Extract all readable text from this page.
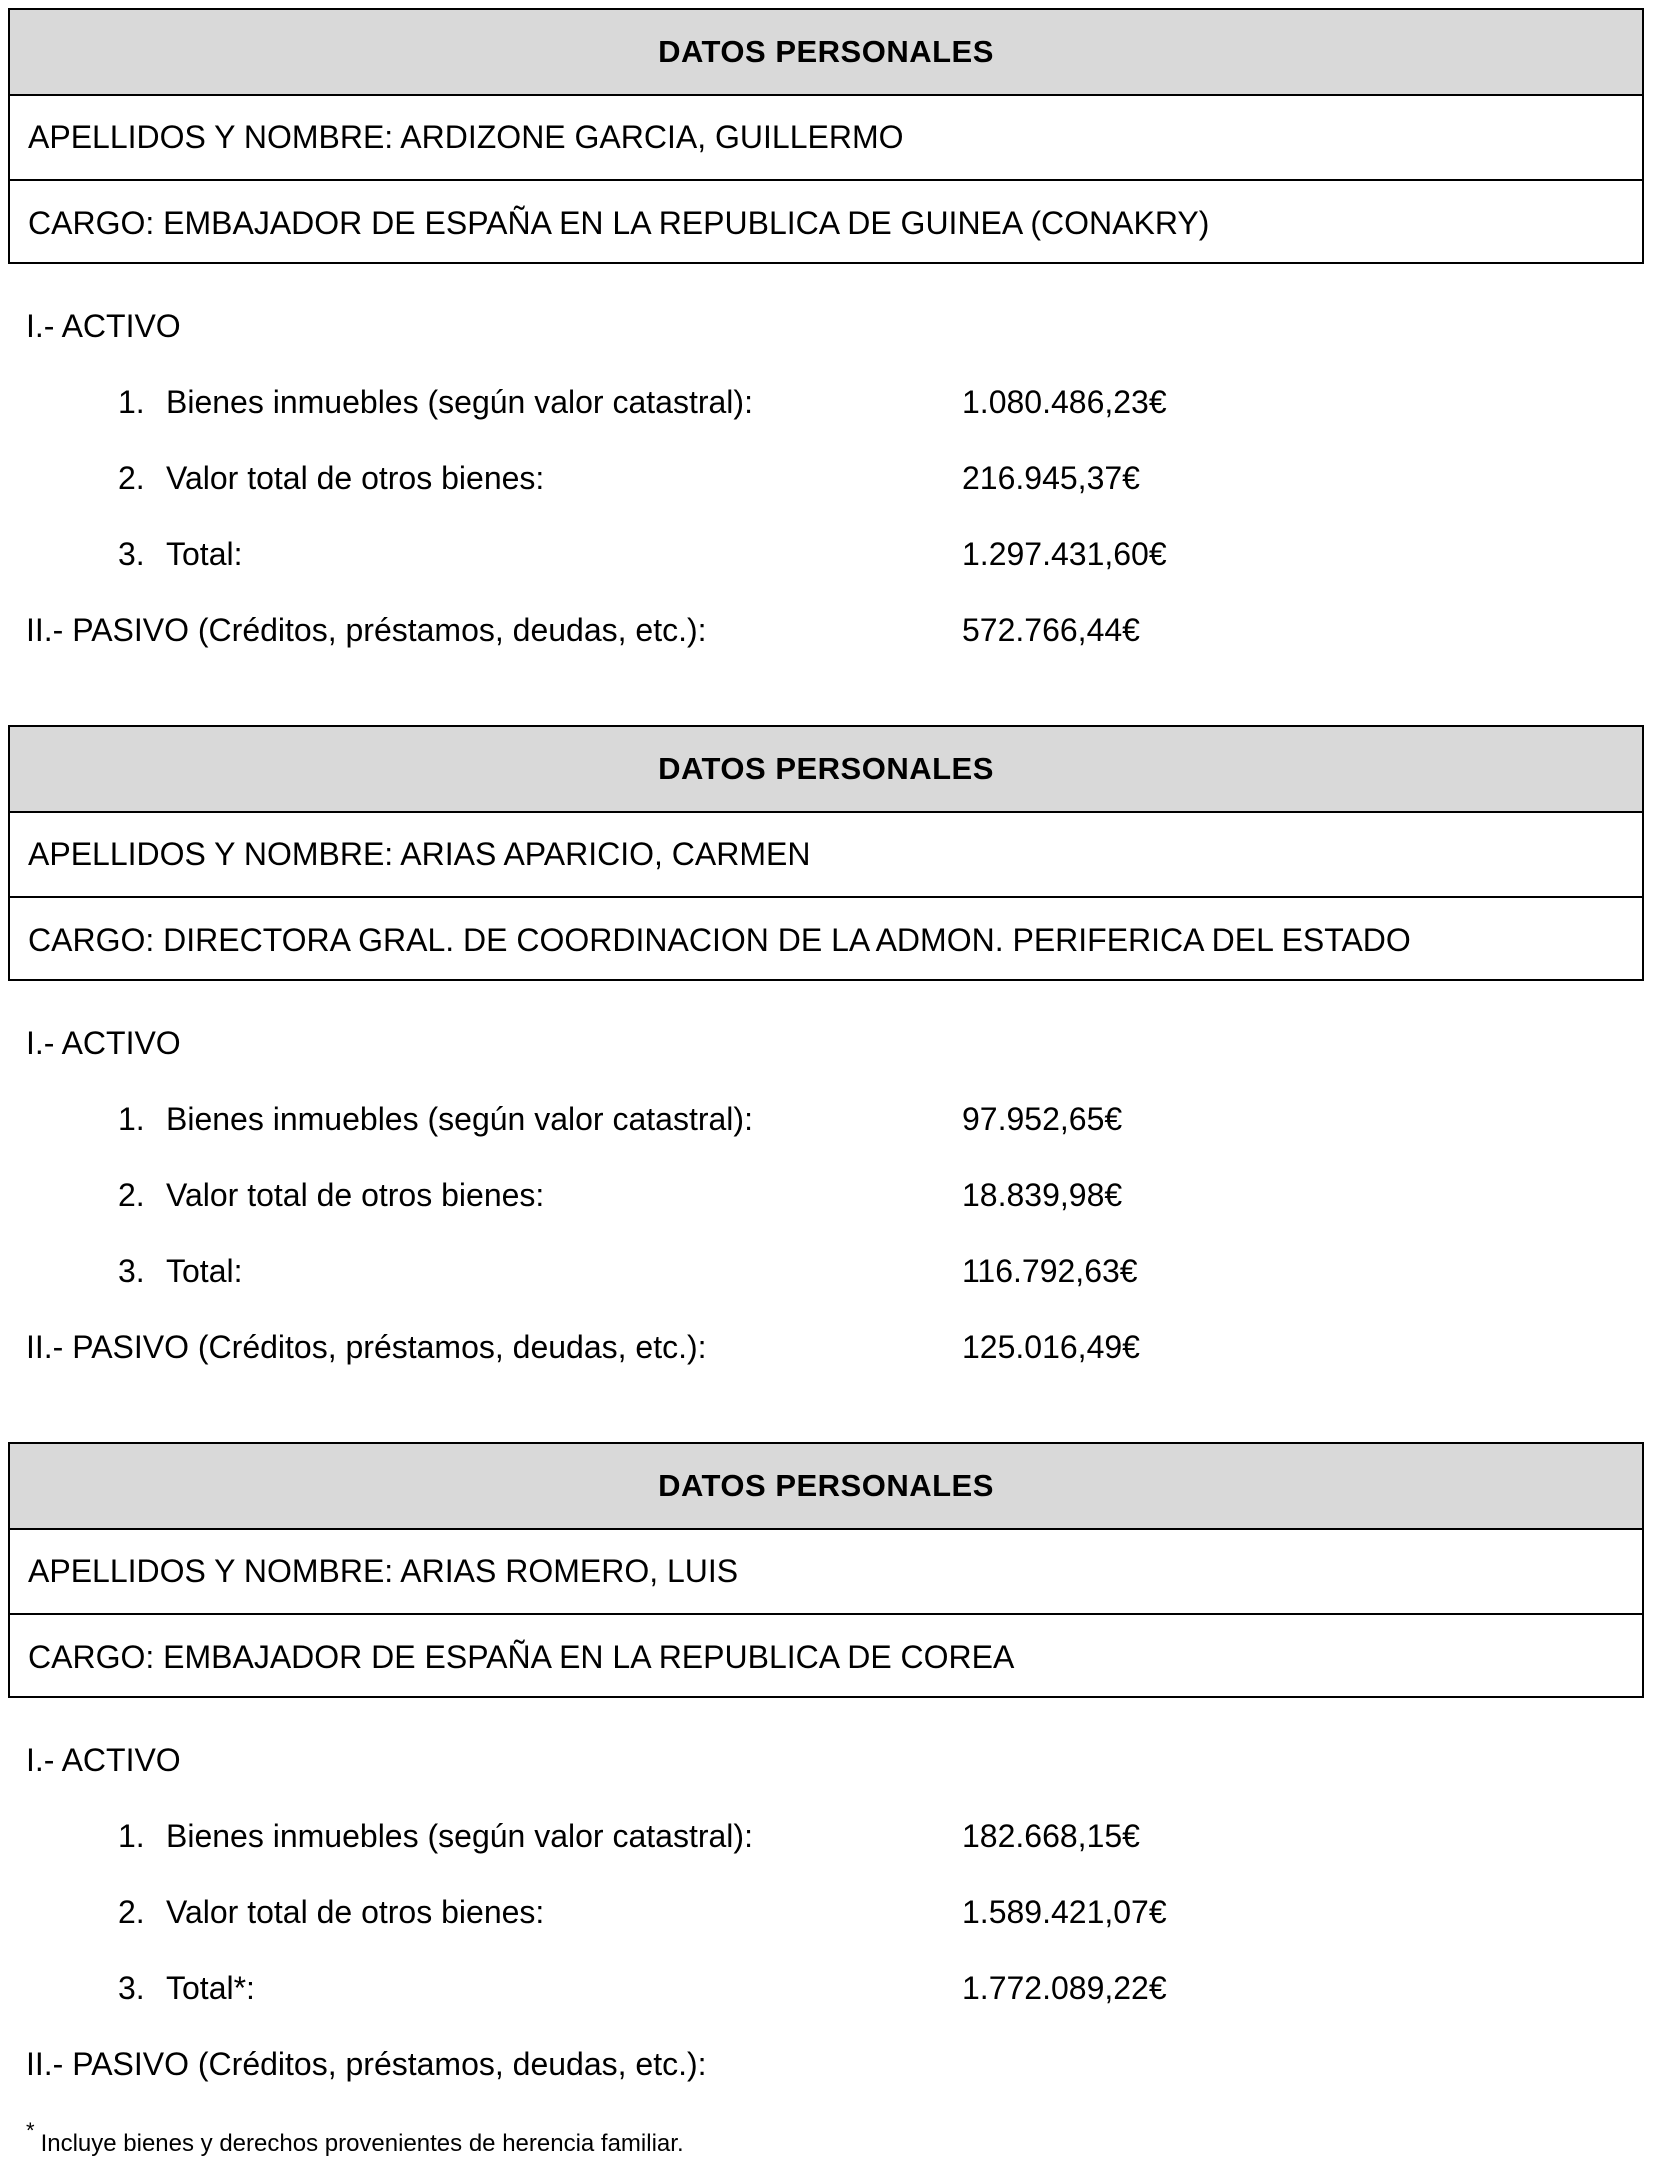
DATOS PERSONALES
APELLIDOS Y NOMBRE: ARDIZONE GARCIA, GUILLERMO
CARGO: EMBAJADOR DE ESPAÑA EN LA REPUBLICA DE GUINEA (CONAKRY)
I.- ACTIVO
1. Bienes inmuebles (según valor catastral):	1.080.486,23€
2. Valor total de otros bienes:	216.945,37€
3. Total:	1.297.431,60€
II.- PASIVO (Créditos, préstamos, deudas, etc.):	572.766,44€
DATOS PERSONALES
APELLIDOS Y NOMBRE: ARIAS APARICIO, CARMEN
CARGO: DIRECTORA GRAL. DE COORDINACION DE LA ADMON. PERIFERICA DEL ESTADO
I.- ACTIVO
1. Bienes inmuebles (según valor catastral):	97.952,65€
2. Valor total de otros bienes:	18.839,98€
3. Total:	116.792,63€
II.- PASIVO (Créditos, préstamos, deudas, etc.):	125.016,49€
DATOS PERSONALES
APELLIDOS Y NOMBRE: ARIAS ROMERO, LUIS
CARGO: EMBAJADOR DE ESPAÑA EN LA REPUBLICA DE COREA
I.- ACTIVO
1. Bienes inmuebles (según valor catastral):	182.668,15€
2. Valor total de otros bienes:	1.589.421,07€
3. Total*:	1.772.089,22€
II.- PASIVO (Créditos, préstamos, deudas, etc.):
* Incluye bienes y derechos provenientes de herencia familiar.
